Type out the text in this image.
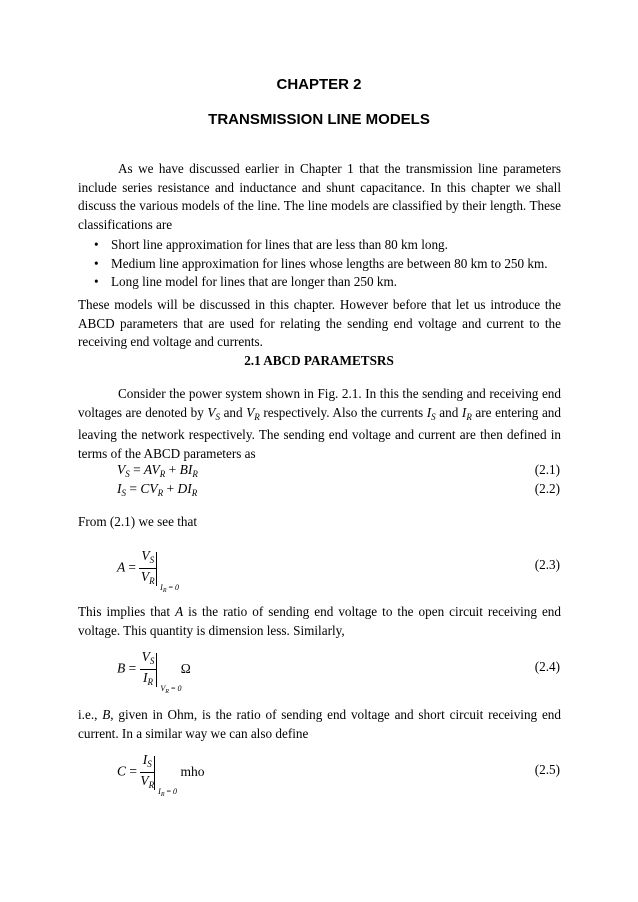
CHAPTER 2
TRANSMISSION LINE MODELS
As we have discussed earlier in Chapter 1 that the transmission line parameters include series resistance and inductance and shunt capacitance. In this chapter we shall discuss the various models of the line. The line models are classified by their length. These classifications are
• Short line approximation for lines that are less than 80 km long.
• Medium line approximation for lines whose lengths are between 80 km to 250 km.
• Long line model for lines that are longer than 250 km.
These models will be discussed in this chapter. However before that let us introduce the ABCD parameters that are used for relating the sending end voltage and current to the receiving end voltage and currents.
2.1 ABCD PARAMETSRS
Consider the power system shown in Fig. 2.1. In this the sending and receiving end voltages are denoted by $V_S$ and $V_R$ respectively. Also the currents $I_S$ and $I_R$ are entering and leaving the network respectively. The sending end voltage and current are then defined in terms of the ABCD parameters as
$V_S = AV_R + BI_R$	(2.1)
$I_S = CV_R + DI_R$	(2.2)
From (2.1) we see that
$A = \frac{V_S}{V_R} I_R = 0$
(2.3)
This implies that A is the ratio of sending end voltage to the open circuit receiving end voltage. This quantity is dimension less. Similarly,
$B = \frac{V_S}{I_R} V_R = 0$
Ω	(2.4)
i.e., B, given in Ohm, is the ratio of sending end voltage and short circuit receiving end current. In a similar way we can also define
$C = \frac{I_S}{V_R} I_R = 0$
mho	(2.5)
